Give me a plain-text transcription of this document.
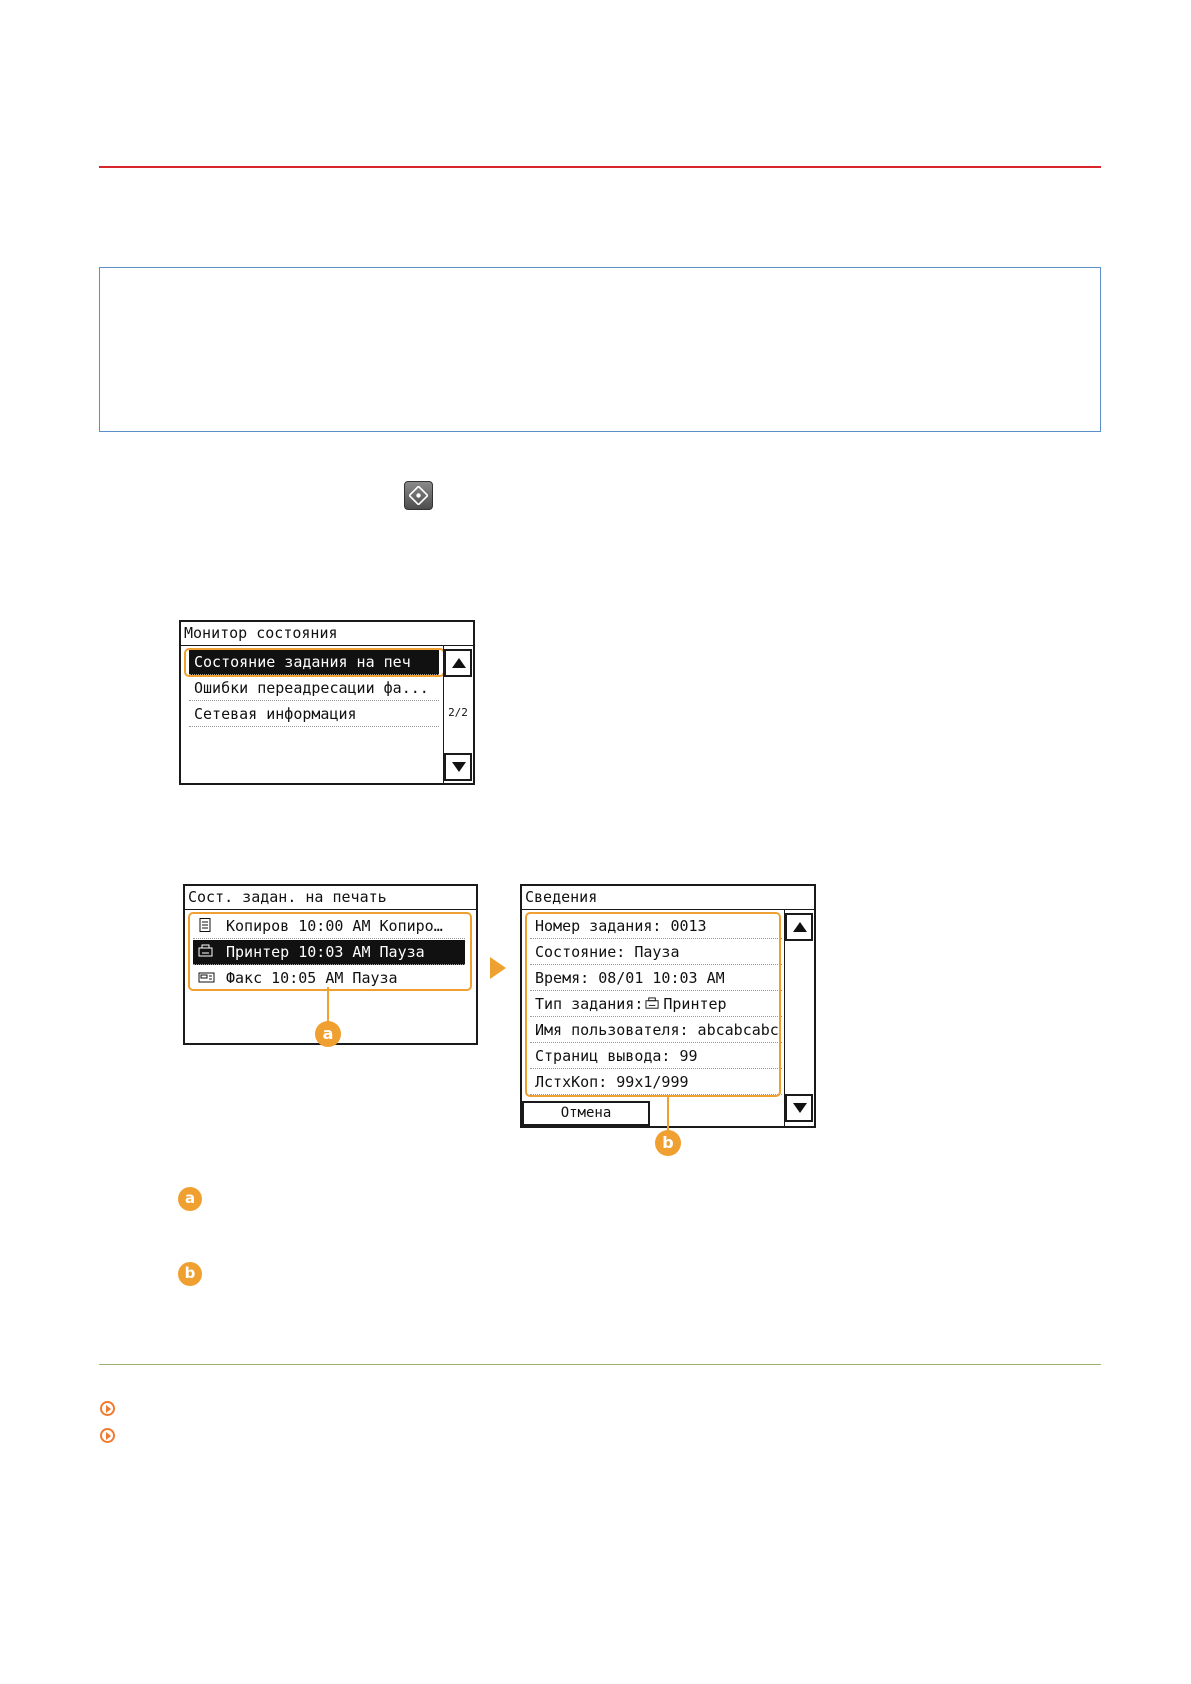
Монитор состояния
Состояние задания на печ
Ошибки переадресации фа...
Сетевая информация	2/2
Сост. задан. на печать
Копиров 10:00 AM Копиро…
Принтер 10:03 AM Пауза
Факс 10:05 AM Пауза
a
Сведения
Номер задания: 0013
Состояние: Пауза
Время: 08/01 10:03 AM
Тип задания: Принтер
Имя пользователя: abcabcabc
Страниц вывода: 99
ЛстхКоп: 99x1/999
Отмена
b
a
b
